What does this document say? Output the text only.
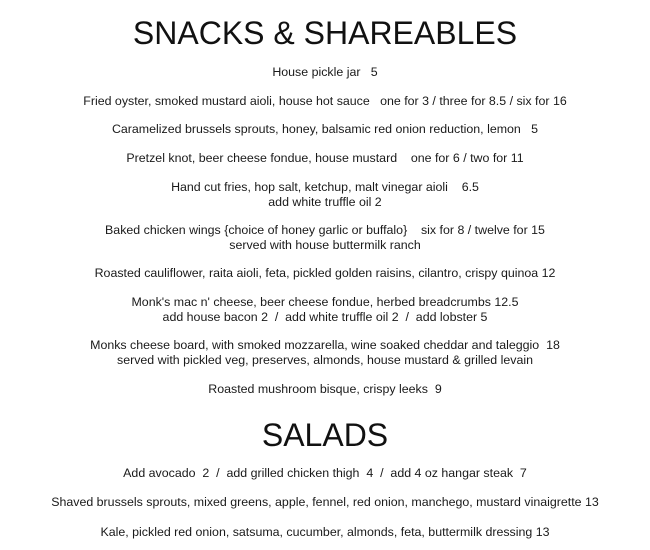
SNACKS & SHAREABLES
House pickle jar   5
Fried oyster, smoked mustard aioli, house hot sauce   one for 3 / three for 8.5 / six for 16
Caramelized brussels sprouts, honey, balsamic red onion reduction, lemon   5
Pretzel knot, beer cheese fondue, house mustard    one for 6 / two for 11
Hand cut fries, hop salt, ketchup, malt vinegar aioli    6.5
add white truffle oil 2
Baked chicken wings {choice of honey garlic or buffalo}    six for 8 / twelve for 15
served with house buttermilk ranch
Roasted cauliflower, raita aioli, feta, pickled golden raisins, cilantro, crispy quinoa 12
Monk's mac n' cheese, beer cheese fondue, herbed breadcrumbs 12.5
add house bacon 2  /  add white truffle oil 2  /  add lobster 5
Monks cheese board, with smoked mozzarella, wine soaked cheddar and taleggio  18
served with pickled veg, preserves, almonds, house mustard & grilled levain
Roasted mushroom bisque, crispy leeks  9
SALADS
Add avocado  2  /  add grilled chicken thigh  4  /  add 4 oz hangar steak  7
Shaved brussels sprouts, mixed greens, apple, fennel, red onion, manchego, mustard vinaigrette 13
Kale, pickled red onion, satsuma, cucumber, almonds, feta, buttermilk dressing 13
